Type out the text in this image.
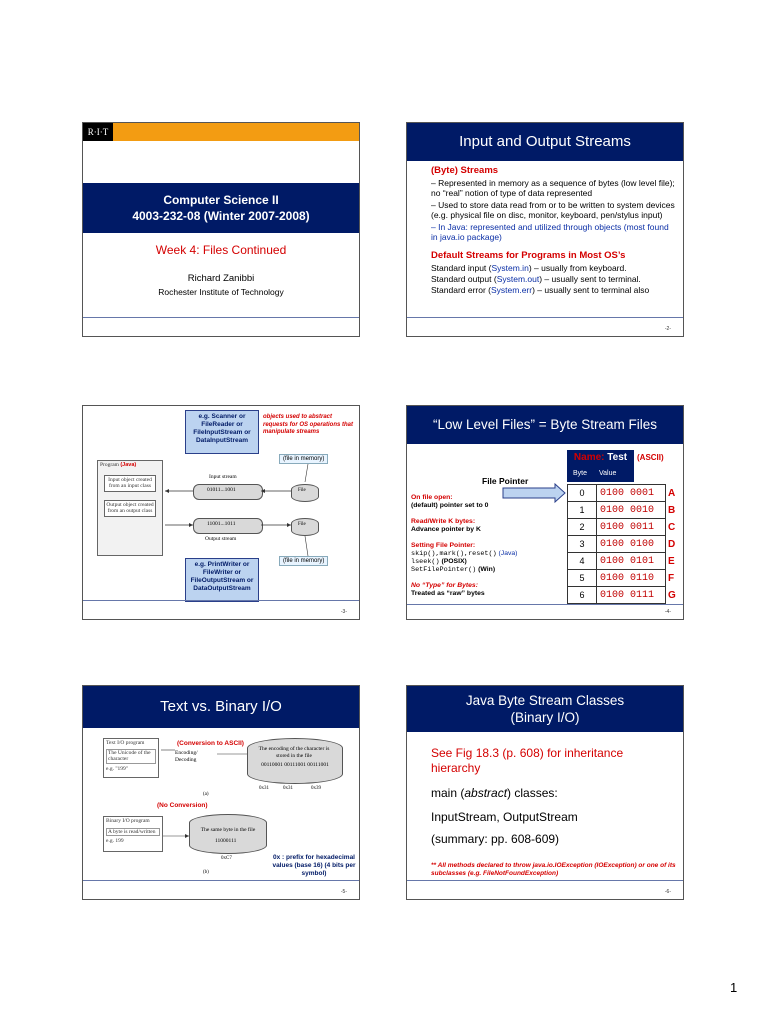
R·I·T
Computer Science II
4003-232-08 (Winter 2007-2008)
Week 4: Files Continued
Richard Zanibbi
Rochester Institute of Technology
Input and Output Streams
(Byte) Streams
– Represented in memory as a sequence of bytes (low level file); no “real” notion of type of data represented
– Used to store data read from or to be written to system devices (e.g. physical file on disc, monitor, keyboard, pen/stylus input)
– In Java: represented and utilized through objects (most found in java.io package)
Default Streams for Programs in Most OS’s
Standard input (System.in) – usually from keyboard.
Standard output (System.out) – usually sent to terminal.
Standard error (System.err) – usually sent to terminal also
-2-
e.g. Scanner or FileReader or FileInputStream or DataInputStream
objects used to abstract requests for OS operations that manipulate streams
(file in memory)
Program (Java)
Input object created from an input class
Output object created from an output class
Input stream
01011...1001	File
11001...1011
Output stream
File
(file in memory)
e.g. PrintWriter or FileWriter or FileOutputStream or DataOutputStream
-3-
“Low Level Files” = Byte Stream Files
Name: Test	(ASCII)
Byte Value
File Pointer
0	0100 0001	A
1	0100 0010	B
2	0100 0011	C
3	0100 0100	D
4	0100 0101	E
5	0100 0110	F
6	0100 0111	G
On file open:
(default) pointer set to 0
Read/Write K bytes:
Advance pointer by K
Setting File Pointer:
skip(),mark(),reset() (Java)
lseek() (POSIX)
SetFilePointer() (Win)
No “Type” for Bytes:
Treated as “raw” bytes
-4-
Text vs. Binary I/O
(Conversion to ASCII)
Text I/O program
The Unicode of the character
e.g. "199"
Encoding/ Decoding
The encoding of the character is stored in the file
00110001 00111001 00111001
0x31	0x31	0x39
(a)
(No Conversion)
Binary I/O program
A byte is read/written
e.g. 199
The same byte in the file
11000111
0xC7
(b)
0x : prefix for hexadecimal values (base 16) (4 bits per symbol)
-5-
Java Byte Stream Classes
(Binary I/O)
See Fig 18.3 (p. 608) for inheritance hierarchy
main (abstract) classes:
InputStream, OutputStream
(summary: pp. 608-609)
** All methods declared to throw java.io.IOException (IOException) or one of its subclasses (e.g. FileNotFoundException)
-6-
1
